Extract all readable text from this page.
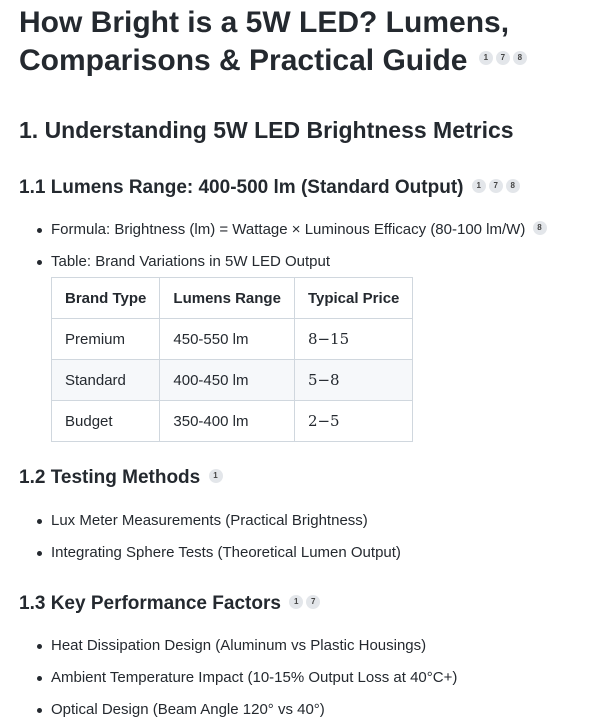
How Bright is a 5W LED? Lumens,
Comparisons & Practical Guide 1 7 8
1. Understanding 5W LED Brightness Metrics
1.1 Lumens Range: 400-500 lm (Standard Output) 1 7 8
Formula: Brightness (lm) = Wattage × Luminous Efficacy (80-100 lm/W) 8
Table: Brand Variations in 5W LED Output
Brand Type	Lumens Range	Typical Price
Premium	450-550 lm	8−15
Standard	400-450 lm	5−8
Budget	350-400 lm	2−5
1.2 Testing Methods 1
Lux Meter Measurements (Practical Brightness)
Integrating Sphere Tests (Theoretical Lumen Output)
1.3 Key Performance Factors 1 7
Heat Dissipation Design (Aluminum vs Plastic Housings)
Ambient Temperature Impact (10-15% Output Loss at 40°C+)
Optical Design (Beam Angle 120° vs 40°)
